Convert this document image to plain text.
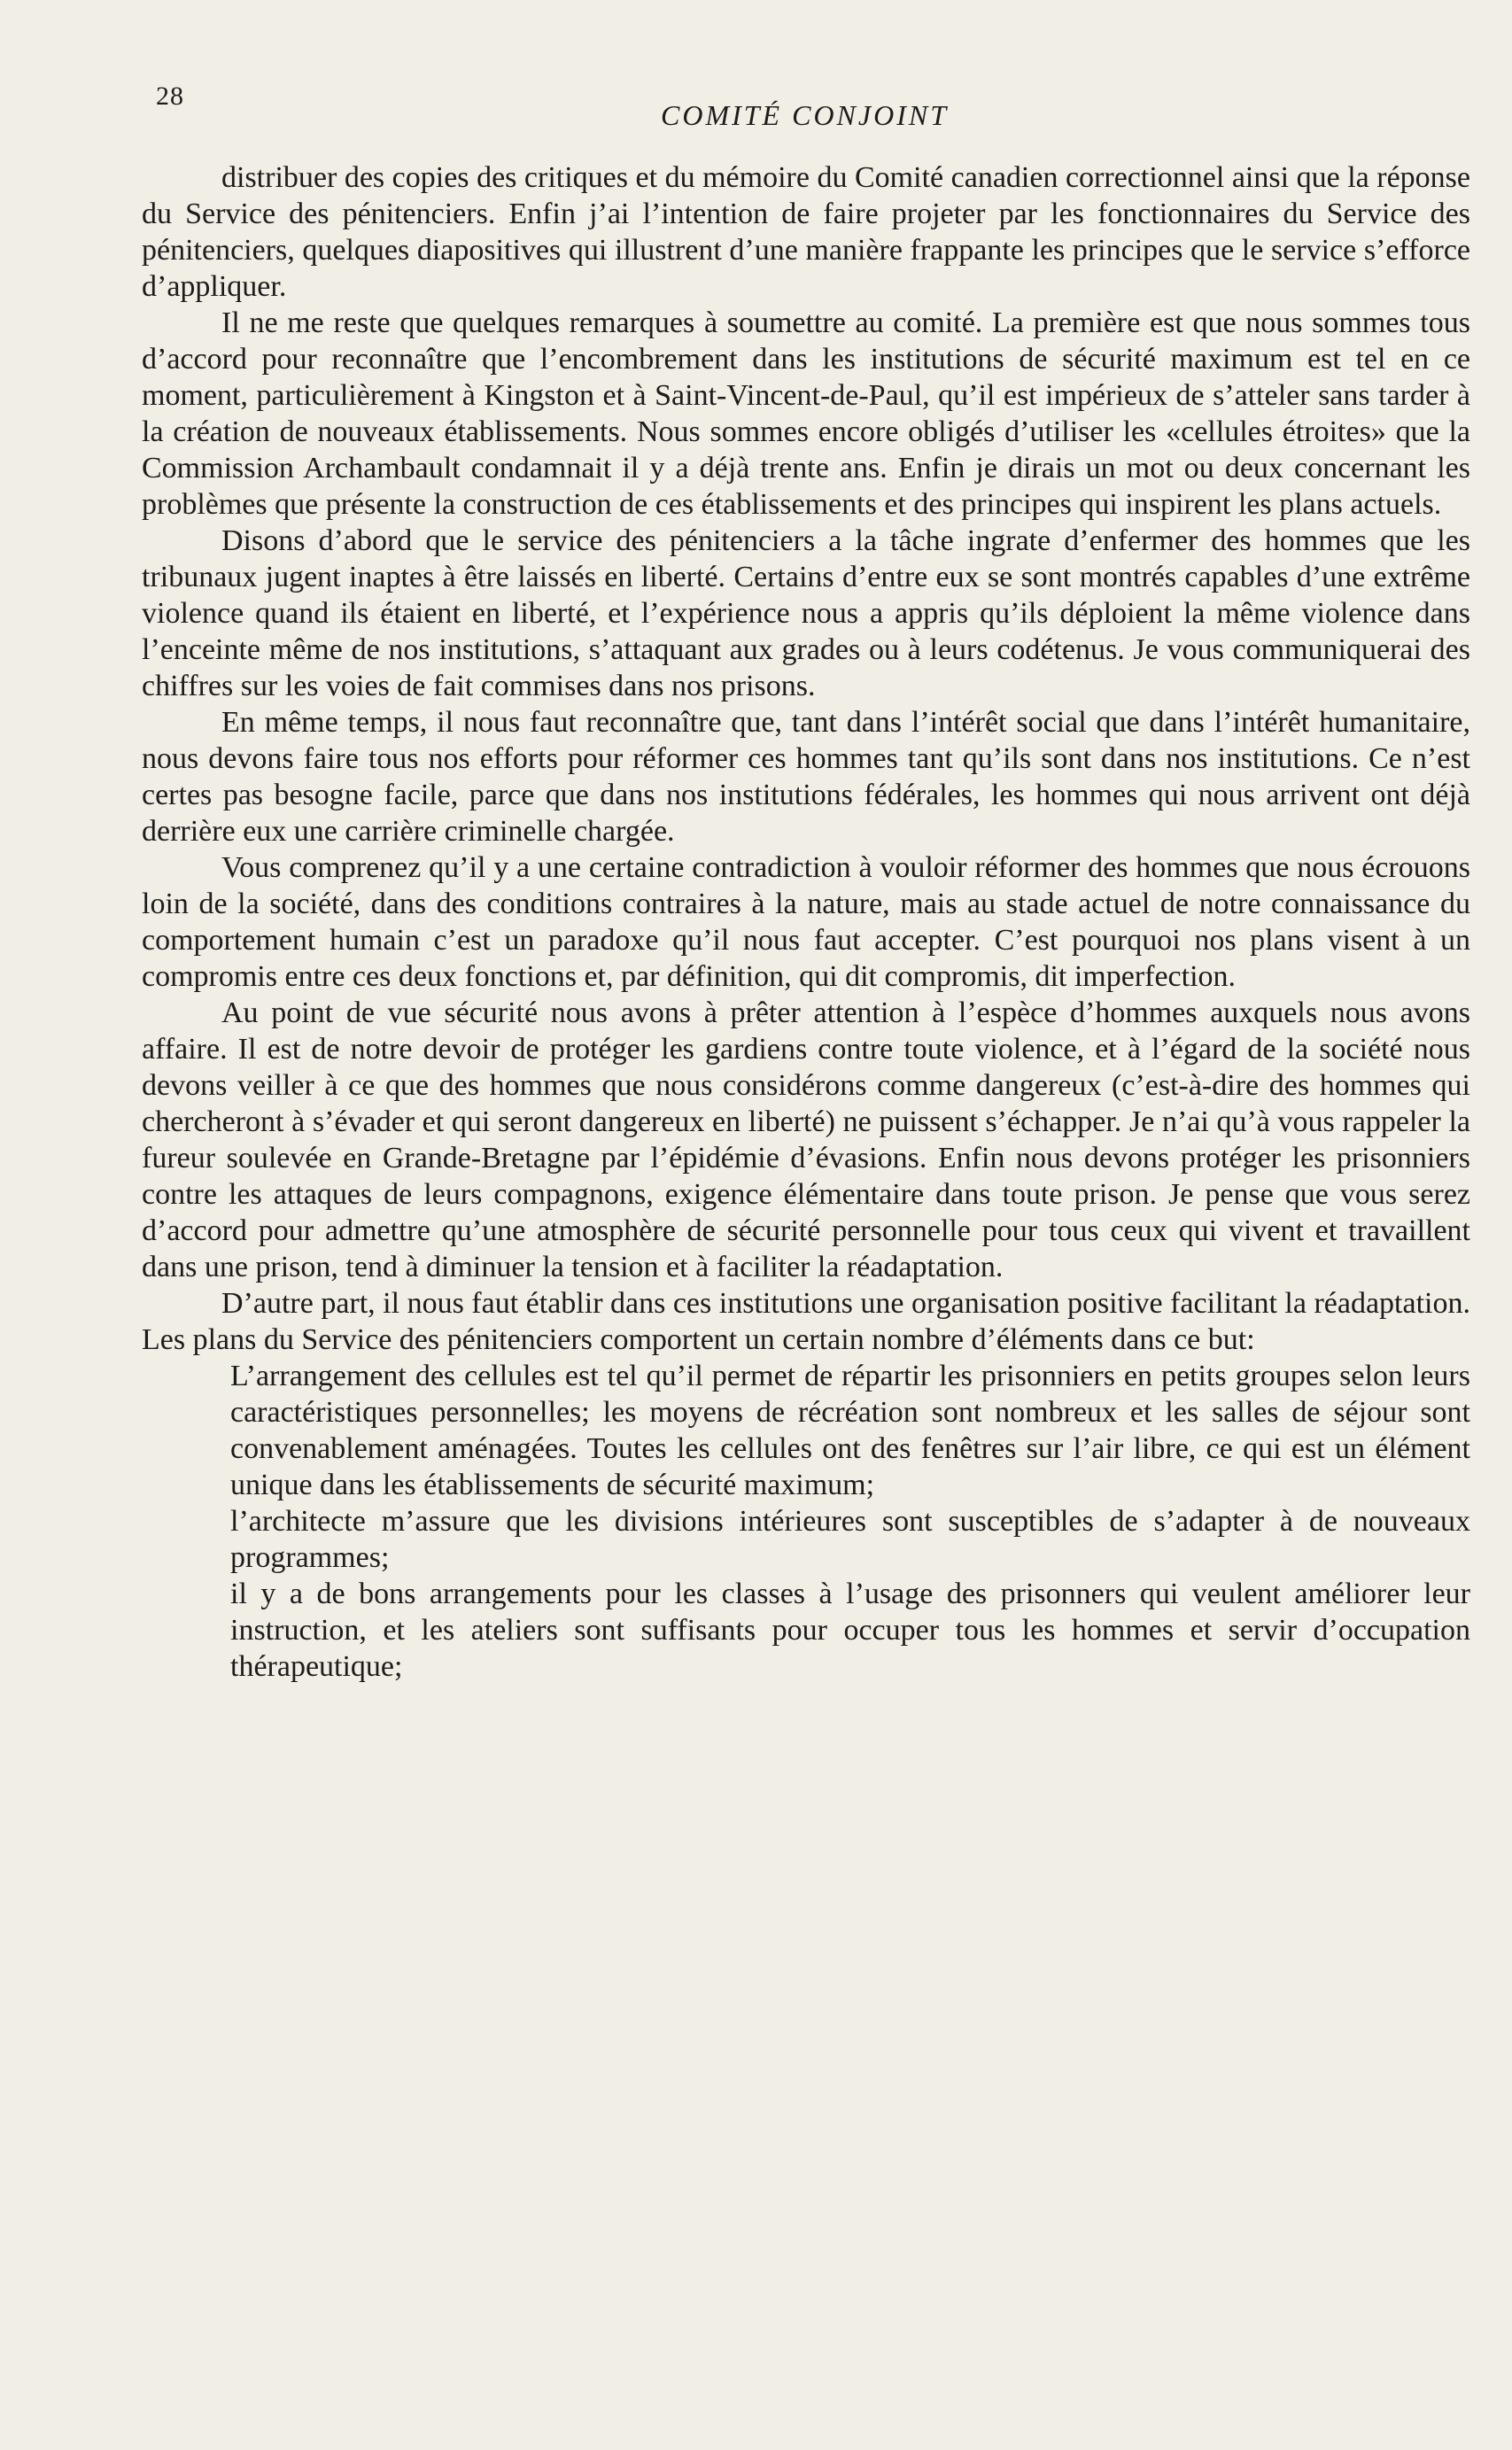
28
COMITÉ CONJOINT

distribuer des copies des critiques et du mémoire du Comité canadien correctionnel ainsi que la réponse du Service des pénitenciers. Enfin j’ai l’intention de faire projeter par les fonctionnaires du Service des pénitenciers, quelques diapositives qui illustrent d’une manière frappante les principes que le service s’efforce d’appliquer.

Il ne me reste que quelques remarques à soumettre au comité. La première est que nous sommes tous d’accord pour reconnaître que l’encombrement dans les institutions de sécurité maximum est tel en ce moment, particulièrement à Kingston et à Saint-Vincent-de-Paul, qu’il est impérieux de s’atteler sans tarder à la création de nouveaux établissements. Nous sommes encore obligés d’utiliser les «cellules étroites» que la Commission Archambault condamnait il y a déjà trente ans. Enfin je dirais un mot ou deux concernant les problèmes que présente la construction de ces établissements et des principes qui inspirent les plans actuels.

Disons d’abord que le service des pénitenciers a la tâche ingrate d’enfermer des hommes que les tribunaux jugent inaptes à être laissés en liberté. Certains d’entre eux se sont montrés capables d’une extrême violence quand ils étaient en liberté, et l’expérience nous a appris qu’ils déploient la même violence dans l’enceinte même de nos institutions, s’attaquant aux grades ou à leurs codétenus. Je vous communiquerai des chiffres sur les voies de fait commises dans nos prisons.

En même temps, il nous faut reconnaître que, tant dans l’intérêt social que dans l’intérêt humanitaire, nous devons faire tous nos efforts pour réformer ces hommes tant qu’ils sont dans nos institutions. Ce n’est certes pas besogne facile, parce que dans nos institutions fédérales, les hommes qui nous arrivent ont déjà derrière eux une carrière criminelle chargée.

Vous comprenez qu’il y a une certaine contradiction à vouloir réformer des hommes que nous écrouons loin de la société, dans des conditions contraires à la nature, mais au stade actuel de notre connaissance du comportement humain c’est un paradoxe qu’il nous faut accepter. C’est pourquoi nos plans visent à un compromis entre ces deux fonctions et, par définition, qui dit compromis, dit imperfection.

Au point de vue sécurité nous avons à prêter attention à l’espèce d’hommes auxquels nous avons affaire. Il est de notre devoir de protéger les gardiens contre toute violence, et à l’égard de la société nous devons veiller à ce que des hommes que nous considérons comme dangereux (c’est-à-dire des hommes qui chercheront à s’évader et qui seront dangereux en liberté) ne puissent s’échapper. Je n’ai qu’à vous rappeler la fureur soulevée en Grande-Bretagne par l’épidémie d’évasions. Enfin nous devons protéger les prisonniers contre les attaques de leurs compagnons, exigence élémentaire dans toute prison. Je pense que vous serez d’accord pour admettre qu’une atmosphère de sécurité personnelle pour tous ceux qui vivent et travaillent dans une prison, tend à diminuer la tension et à faciliter la réadaptation.

D’autre part, il nous faut établir dans ces institutions une organisation positive facilitant la réadaptation. Les plans du Service des pénitenciers comportent un certain nombre d’éléments dans ce but:

L’arrangement des cellules est tel qu’il permet de répartir les prisonniers en petits groupes selon leurs caractéristiques personnelles; les moyens de récréation sont nombreux et les salles de séjour sont convenablement aménagées. Toutes les cellules ont des fenêtres sur l’air libre, ce qui est un élément unique dans les établissements de sécurité maximum;

l’architecte m’assure que les divisions intérieures sont susceptibles de s’adapter à de nouveaux programmes;

il y a de bons arrangements pour les classes à l’usage des prisonners qui veulent améliorer leur instruction, et les ateliers sont suffisants pour occuper tous les hommes et servir d’occupation thérapeutique;
